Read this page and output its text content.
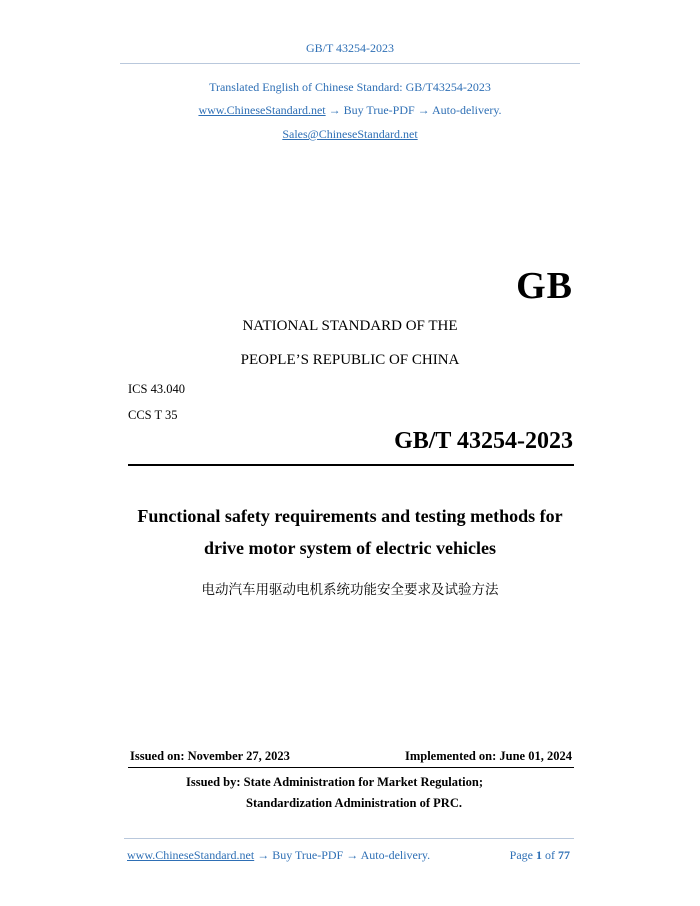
GB/T 43254-2023
Translated English of Chinese Standard: GB/T43254-2023
www.ChineseStandard.net → Buy True-PDF → Auto-delivery.
Sales@ChineseStandard.net
GB
NATIONAL STANDARD OF THE
PEOPLE’S REPUBLIC OF CHINA
ICS 43.040
CCS T 35
GB/T 43254-2023
Functional safety requirements and testing methods for
drive motor system of electric vehicles
电动汽车用驱动电机系统功能安全要求及试验方法
Issued on: November 27, 2023	Implemented on: June 01, 2024
Issued by: State Administration for Market Regulation;
Standardization Administration of PRC.
www.ChineseStandard.net → Buy True-PDF → Auto-delivery.	Page 1 of 77
